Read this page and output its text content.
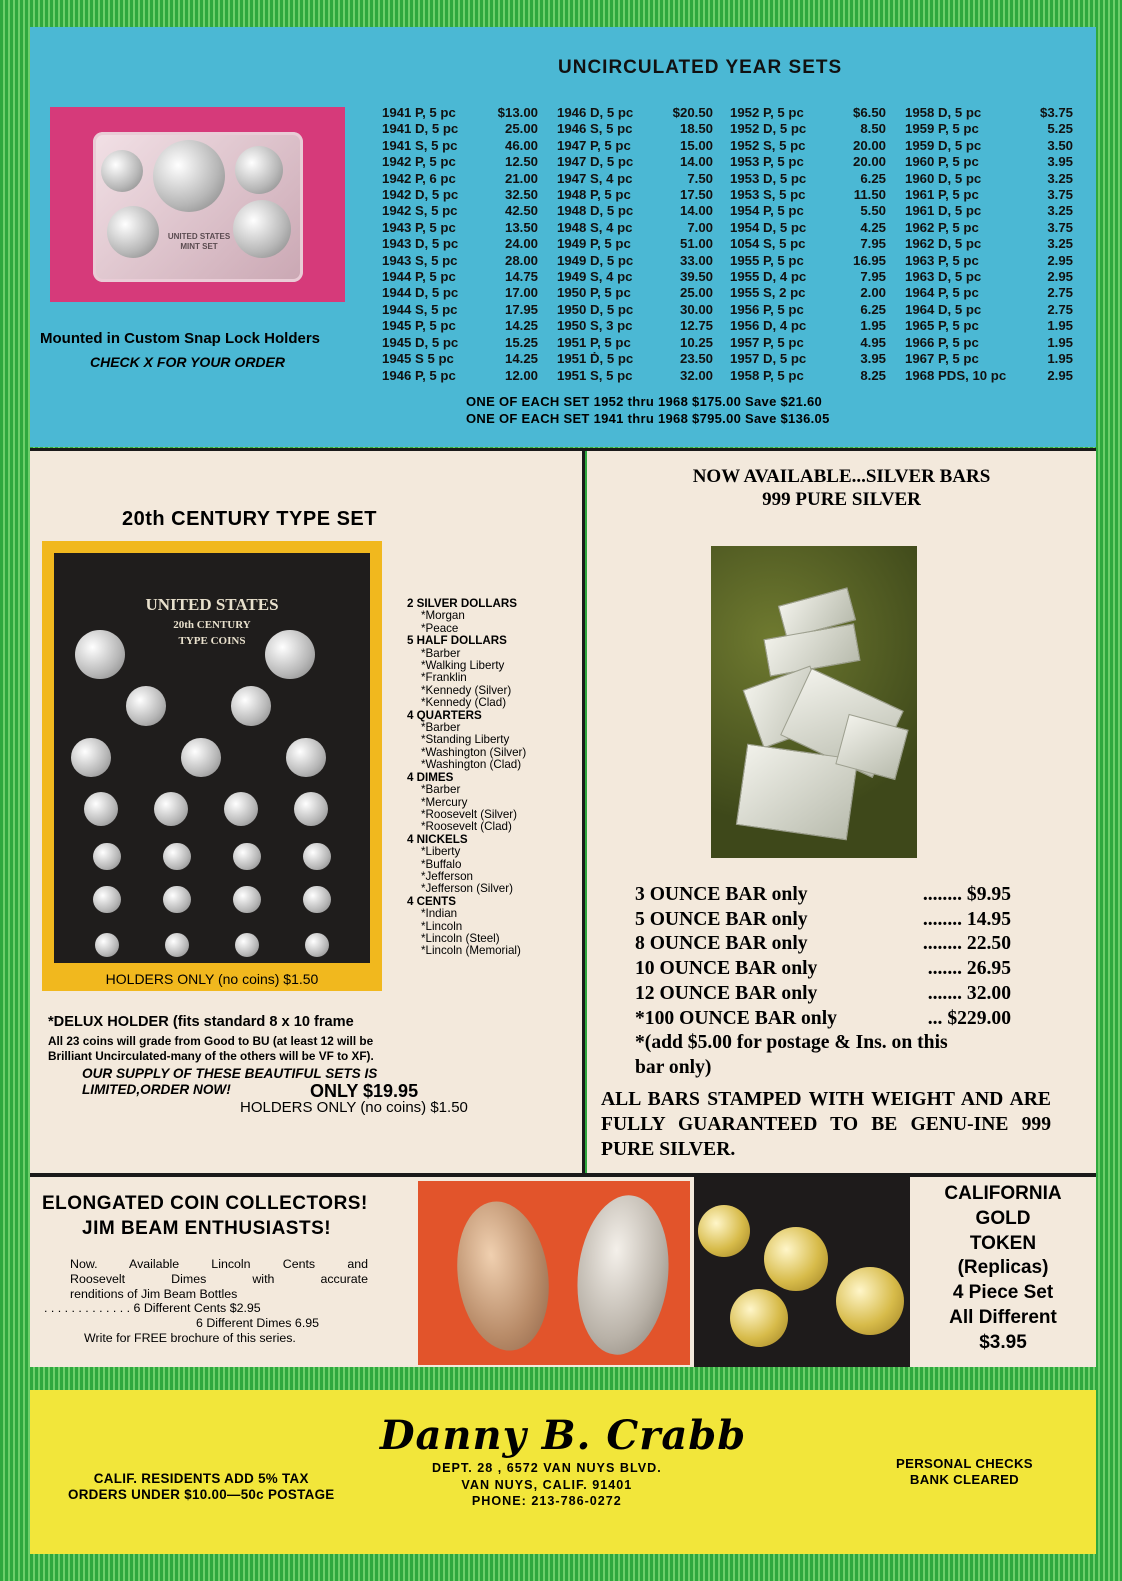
UNITED STATES MINT SET
Mounted in Custom Snap Lock Holders
CHECK X FOR YOUR ORDER
UNCIRCULATED YEAR SETS
1941 P, 5 pc	$13.00
1941 D, 5 pc	25.00
1941 S, 5 pc	46.00
1942 P, 5 pc	12.50
1942 P, 6 pc	21.00
1942 D, 5 pc	32.50
1942 S, 5 pc	42.50
1943 P, 5 pc	13.50
1943 D, 5 pc	24.00
1943 S, 5 pc	28.00
1944 P, 5 pc	14.75
1944 D, 5 pc	17.00
1944 S, 5 pc	17.95
1945 P, 5 pc	14.25
1945 D, 5 pc	15.25
1945 S 5 pc	14.25
1946 P, 5 pc	12.00
1946 D, 5 pc	$20.50
1946 S, 5 pc	18.50
1947 P, 5 pc	15.00
1947 D, 5 pc	14.00
1947 S, 4 pc	7.50
1948 P, 5 pc	17.50
1948 D, 5 pc	14.00
1948 S, 4 pc	7.00
1949 P, 5 pc	51.00
1949 D, 5 pc	33.00
1949 S, 4 pc	39.50
1950 P, 5 pc	25.00
1950 D, 5 pc	30.00
1950 S, 3 pc	12.75
1951 P, 5 pc	10.25
1951 Ḋ, 5 pc	23.50
1951 S, 5 pc	32.00
1952 P, 5 pc	$6.50
1952 D, 5 pc	8.50
1952 S, 5 pc	20.00
1953 P, 5 pc	20.00
1953 D, 5 pc	6.25
1953 S, 5 pc	11.50
1954 P, 5 pc	5.50
1954 D, 5 pc	4.25
1054 S, 5 pc	7.95
1955 P, 5 pc	16.95
1955 D, 4 pc	7.95
1955 S, 2 pc	2.00
1956 P, 5 pc	6.25
1956 D, 4 pc	1.95
1957 P, 5 pc	4.95
1957 D, 5 pc	3.95
1958 P, 5 pc	8.25
1958 D, 5 pc	$3.75
1959 P, 5 pc	5.25
1959 D, 5 pc	3.50
1960 P, 5 pc	3.95
1960 D, 5 pc	3.25
1961 P, 5 pc	3.75
1961 D, 5 pc	3.25
1962 P, 5 pc	3.75
1962 D, 5 pc	3.25
1963 P, 5 pc	2.95
1963 D, 5 pc	2.95
1964 P, 5 pc	2.75
1964 D, 5 pc	2.75
1965 P, 5 pc	1.95
1966 P, 5 pc	1.95
1967 P, 5 pc	1.95
1968 PDS, 10 pc	2.95
ONE OF EACH SET 1952 thru 1968 $175.00 Save $21.60
ONE OF EACH SET 1941 thru 1968 $795.00 Save $136.05
20th CENTURY TYPE SET
UNITED STATES
20th CENTURY
TYPE COINS
HOLDERS ONLY (no coins) $1.50
2 SILVER DOLLARS
*Morgan
*Peace
5 HALF DOLLARS
*Barber
*Walking Liberty
*Franklin
*Kennedy (Silver)
*Kennedy (Clad)
4 QUARTERS
*Barber
*Standing Liberty
*Washington (Silver)
*Washington (Clad)
4 DIMES
*Barber
*Mercury
*Roosevelt (Silver)
*Roosevelt (Clad)
4 NICKELS
*Liberty
*Buffalo
*Jefferson
*Jefferson (Silver)
4 CENTS
*Indian
*Lincoln
*Lincoln (Steel)
*Lincoln (Memorial)
*DELUX HOLDER (fits standard 8 x 10 frame
All 23 coins will grade from Good to BU (at least 12 will be
Brilliant Uncirculated-many of the others will be VF to XF).
OUR SUPPLY OF THESE BEAUTIFUL SETS IS
LIMITED,ORDER NOW!	ONLY $19.95
HOLDERS ONLY (no coins) $1.50
NOW AVAILABLE...SILVER BARS
999 PURE SILVER
3 OUNCE BAR only	........ $9.95
5 OUNCE BAR only	........ 14.95
8 OUNCE BAR only	........ 22.50
10 OUNCE BAR only	....... 26.95
12 OUNCE BAR only	....... 32.00
*100 OUNCE BAR only	... $229.00
*(add $5.00 for postage & Ins. on this
bar only)
ALL BARS STAMPED WITH WEIGHT AND ARE FULLY GUARANTEED TO BE GENU-INE 999 PURE SILVER.
ELONGATED COIN COLLECTORS!
JIM BEAM ENTHUSIASTS!
Now. Available Lincoln Cents and
Roosevelt Dimes with accurate
renditions of Jim Beam Bottles
. . . . . . . . . . . . . 6 Different Cents $2.95
6 Different Dimes 6.95
Write for FREE brochure of this series.
CALIFORNIA
GOLD
TOKEN
(Replicas)
4 Piece Set
All Different
$3.95
Danny B. Crabb
CALIF. RESIDENTS ADD 5% TAX
ORDERS UNDER $10.00—50c POSTAGE
DEPT. 28 , 6572 VAN NUYS BLVD.
VAN NUYS, CALIF. 91401
PHONE: 213-786-0272
PERSONAL CHECKS
BANK CLEARED
